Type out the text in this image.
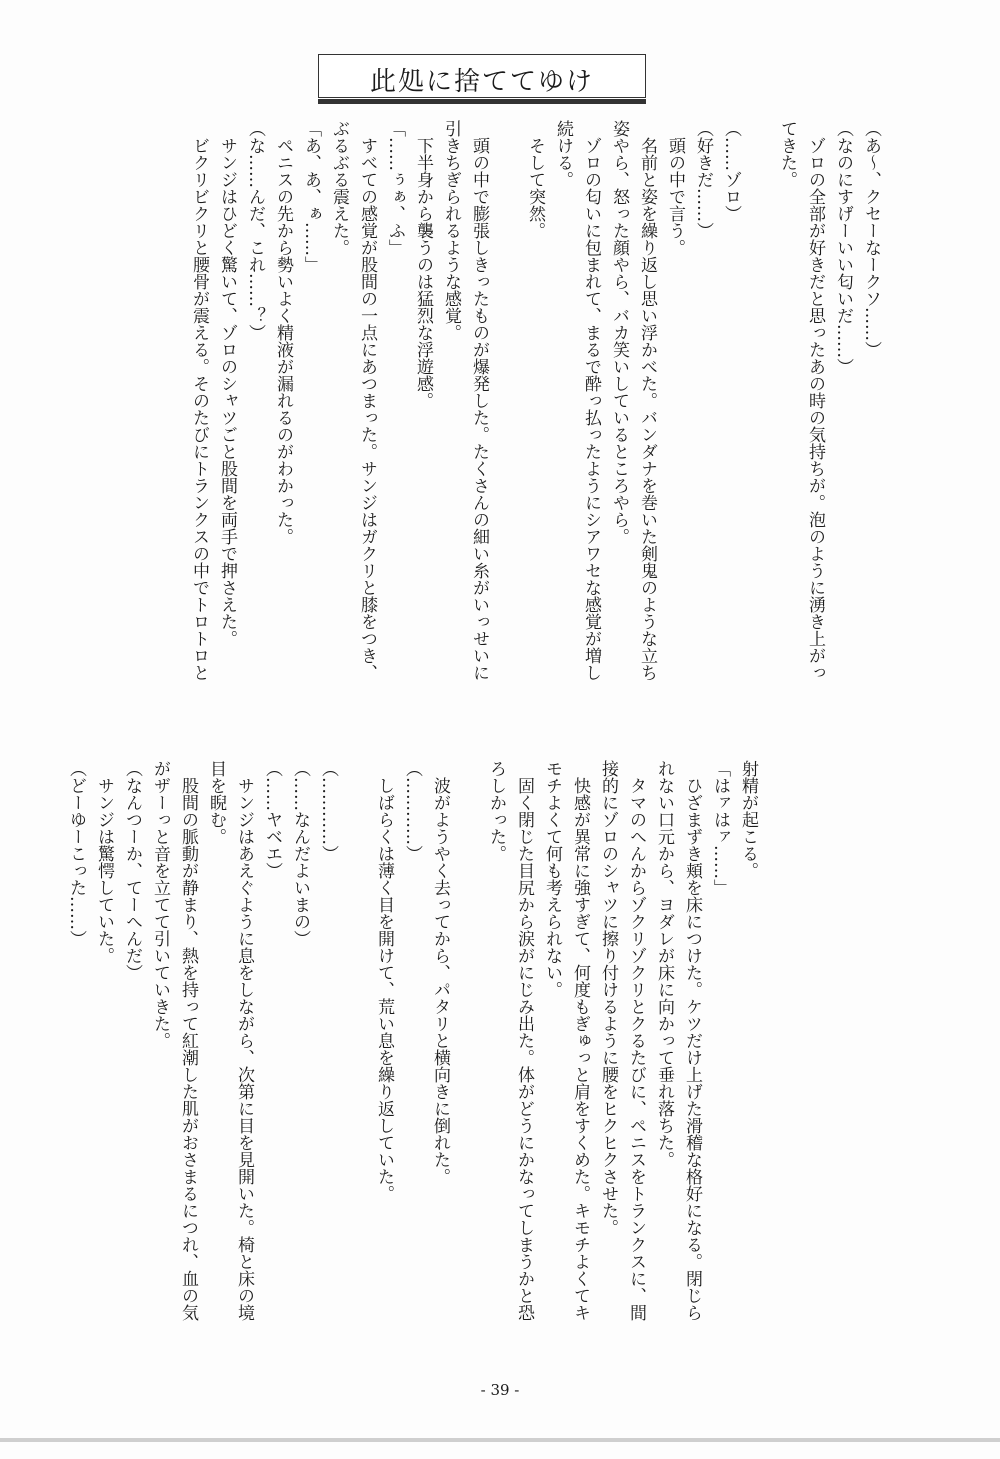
此処に捨ててゆけ

（あ～、クセーなークソ……）

（なのにすげーいい匂いだ……）

　ゾロの全部が好きだと思ったあの時の気持ちが。泡のように湧き上がっ

てきた。

（……ゾロ）

（好きだ……）

　頭の中で言う。

　名前と姿を繰り返し思い浮かべた。バンダナを巻いた剣鬼のような立ち

姿やら、怒った顔やら、バカ笑いしているところやら。

　ゾロの匂いに包まれて、まるで酔っ払ったようにシアワセな感覚が増し

続ける。

　そして突然。

　頭の中で膨張しきったものが爆発した。たくさんの細い糸がいっせいに

引きちぎられるような感覚。

　下半身から襲うのは猛烈な浮遊感。

「……ぅぁ、ふ」

　すべての感覚が股間の一点にあつまった。サンジはガクリと膝をつき、

ぶるぶる震えた。

「あ、あ、ぁ……」

　ペニスの先から勢いよく精液が漏れるのがわかった。

（な……んだ、これ……？）

　サンジはひどく驚いて、ゾロのシャツごと股間を両手で押さえた。

　ビクリビクリと腰骨が震える。そのたびにトランクスの中でトロトロと

射精が起こる。

「はァはァ……」

　ひざまずき頬を床につけた。ケツだけ上げた滑稽な格好になる。閉じら

れない口元から、ヨダレが床に向かって垂れ落ちた。

　タマのへんからゾクリゾクリとクるたびに、ペニスをトランクスに、間

接的にゾロのシャツに擦り付けるように腰をヒクヒクさせた。

　快感が異常に強すぎて、何度もぎゅっと肩をすくめた。キモチよくてキ

モチよくて何も考えられない。

　固く閉じた目尻から涙がにじみ出た。体がどうにかなってしまうかと恐

ろしかった。

　波がようやく去ってから、パタリと横向きに倒れた。

（…………）

　しばらくは薄く目を開けて、荒い息を繰り返していた。

（…………）

（……なんだよいまの）

（……ヤベエ）

　サンジはあえぐように息をしながら、次第に目を見開いた。椅と床の境

目を睨む。

　股間の脈動が静まり、熱を持って紅潮した肌がおさまるにつれ、血の気

がザーっと音を立てて引いていきた。

（なんつーか、てーへんだ）

　サンジは驚愕していた。

（どーゆーこった……）

- 39 -
